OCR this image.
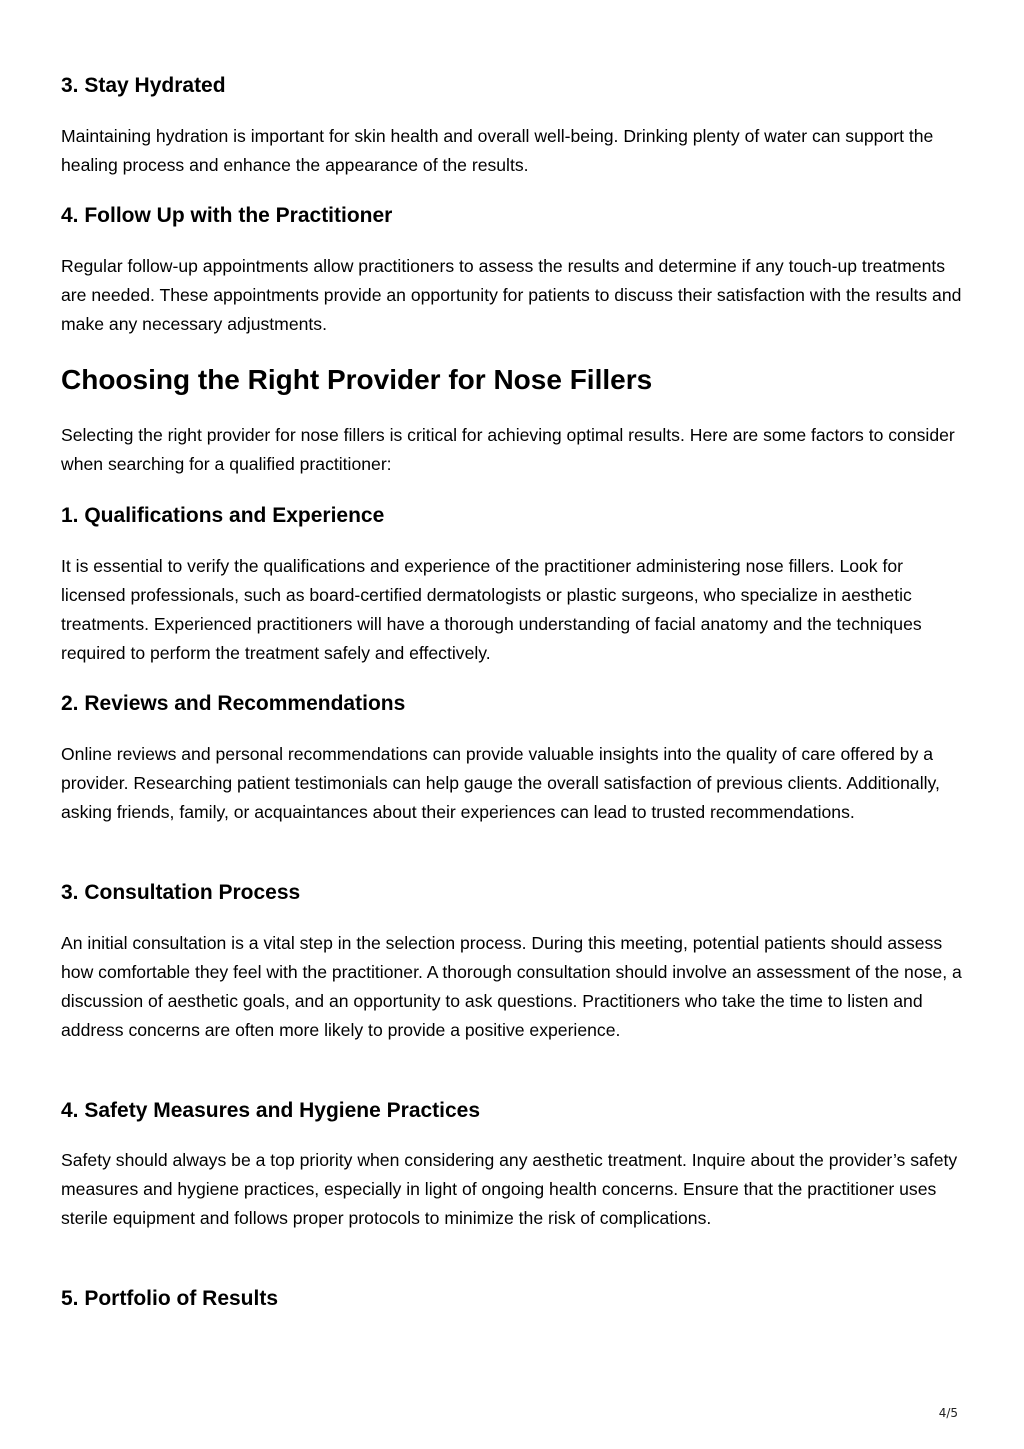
3. Stay Hydrated

Maintaining hydration is important for skin health and overall well-being. Drinking plenty of water can support the healing process and enhance the appearance of the results.

4. Follow Up with the Practitioner

Regular follow-up appointments allow practitioners to assess the results and determine if any touch-up treatments are needed. These appointments provide an opportunity for patients to discuss their satisfaction with the results and make any necessary adjustments.

Choosing the Right Provider for Nose Fillers

Selecting the right provider for nose fillers is critical for achieving optimal results. Here are some factors to consider when searching for a qualified practitioner:

1. Qualifications and Experience

It is essential to verify the qualifications and experience of the practitioner administering nose fillers. Look for licensed professionals, such as board-certified dermatologists or plastic surgeons, who specialize in aesthetic treatments. Experienced practitioners will have a thorough understanding of facial anatomy and the techniques required to perform the treatment safely and effectively.

2. Reviews and Recommendations

Online reviews and personal recommendations can provide valuable insights into the quality of care offered by a provider. Researching patient testimonials can help gauge the overall satisfaction of previous clients. Additionally, asking friends, family, or acquaintances about their experiences can lead to trusted recommendations.

3. Consultation Process

An initial consultation is a vital step in the selection process. During this meeting, potential patients should assess how comfortable they feel with the practitioner. A thorough consultation should involve an assessment of the nose, a discussion of aesthetic goals, and an opportunity to ask questions. Practitioners who take the time to listen and address concerns are often more likely to provide a positive experience.

4. Safety Measures and Hygiene Practices

Safety should always be a top priority when considering any aesthetic treatment. Inquire about the provider’s safety measures and hygiene practices, especially in light of ongoing health concerns. Ensure that the practitioner uses sterile equipment and follows proper protocols to minimize the risk of complications.

5. Portfolio of Results
4/5
